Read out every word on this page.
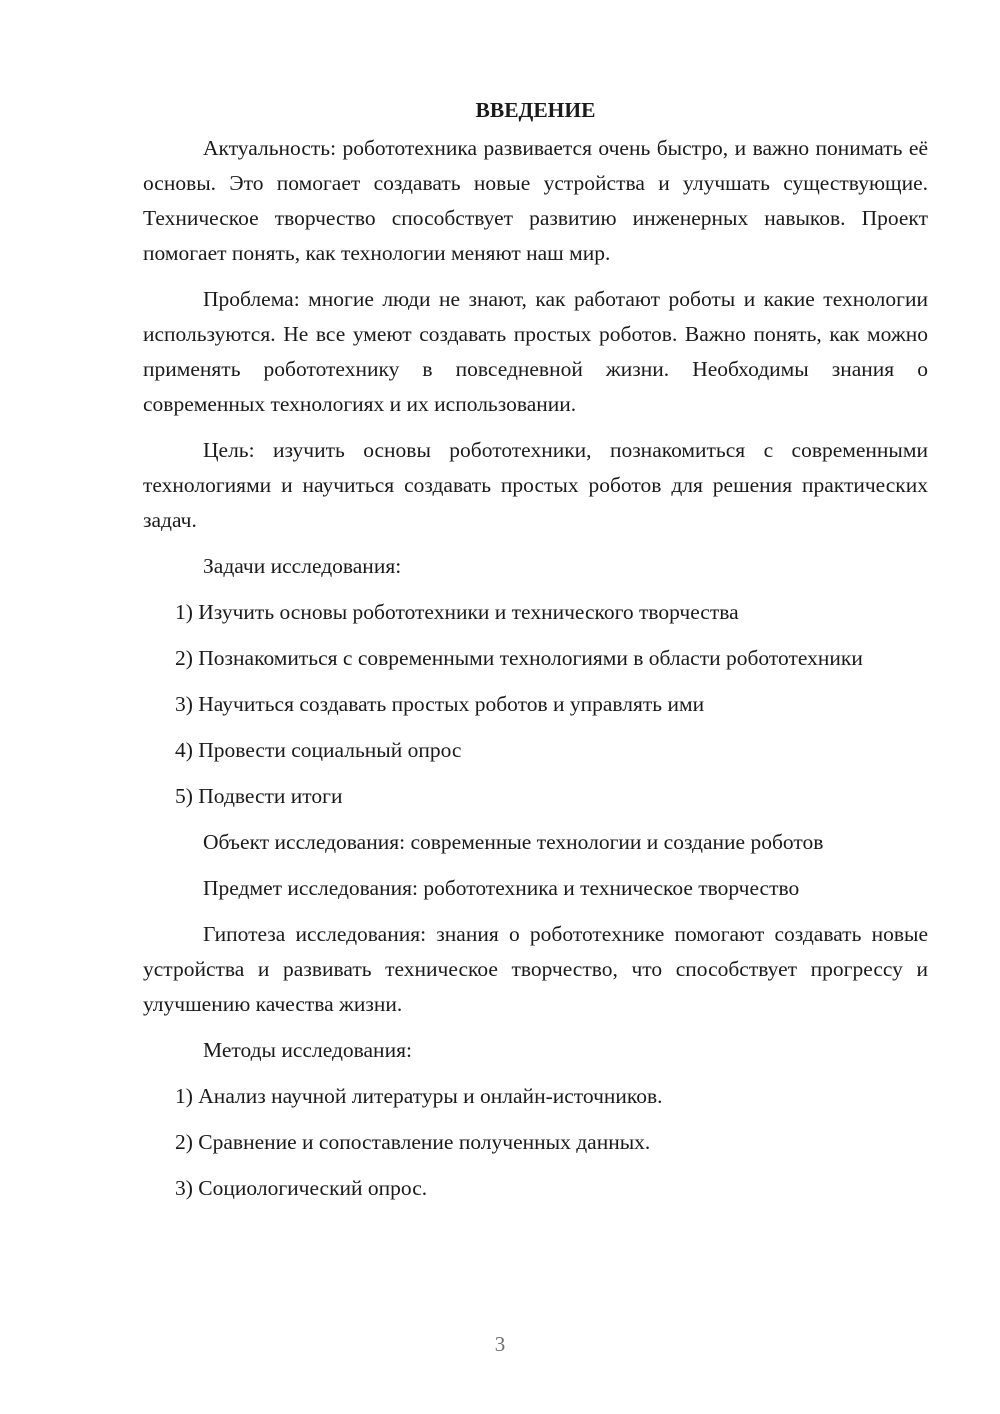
ВВЕДЕНИЕ

Актуальность: робототехника развивается очень быстро, и важно понимать её основы. Это помогает создавать новые устройства и улучшать существующие. Техническое творчество способствует развитию инженерных навыков. Проект помогает понять, как технологии меняют наш мир.

Проблема: многие люди не знают, как работают роботы и какие технологии используются. Не все умеют создавать простых роботов. Важно понять, как можно применять робототехнику в повседневной жизни. Необходимы знания о современных технологиях и их использовании.

Цель: изучить основы робототехники, познакомиться с современными технологиями и научиться создавать простых роботов для решения практических задач.

Задачи исследования:

1) Изучить основы робототехники и технического творчества

2) Познакомиться с современными технологиями в области робототехники

3) Научиться создавать простых роботов и управлять ими

4) Провести социальный опрос

5) Подвести итоги

Объект исследования: современные технологии и создание роботов

Предмет исследования: робототехника и техническое творчество

Гипотеза исследования: знания о робототехнике помогают создавать новые устройства и развивать техническое творчество, что способствует прогрессу и улучшению качества жизни.

Методы исследования:

1) Анализ научной литературы и онлайн-источников.

2) Сравнение и сопоставление полученных данных.

3) Социологический опрос.

3
